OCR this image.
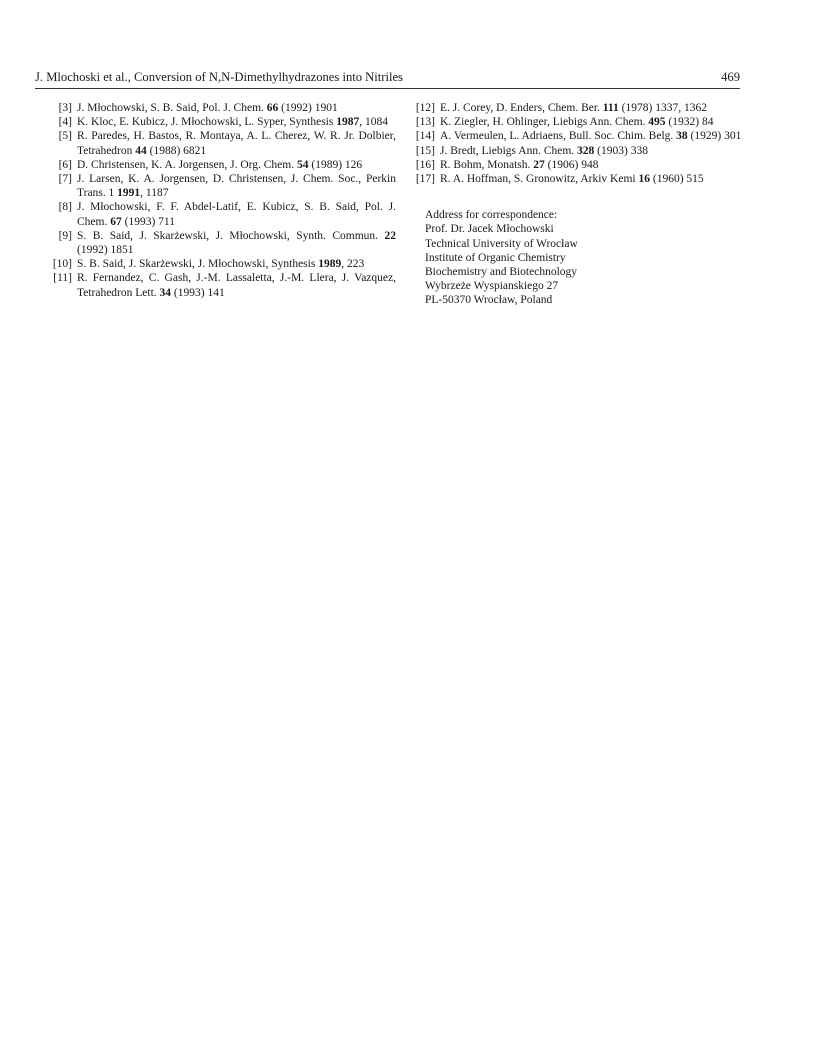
J. Mlochoski et al., Conversion of N,N-Dimethylhydrazones into Nitriles	469
[3] J. Młochowski, S. B. Said, Pol. J. Chem. 66 (1992) 1901
[4] K. Kloc, E. Kubicz, J. Młochowski, L. Syper, Synthesis 1987, 1084
[5] R. Paredes, H. Bastos, R. Montaya, A. L. Cherez, W. R. Jr. Dolbier, Tetrahedron 44 (1988) 6821
[6] D. Christensen, K. A. Jorgensen, J. Org. Chem. 54 (1989) 126
[7] J. Larsen, K. A. Jorgensen, D. Christensen, J. Chem. Soc., Perkin Trans. 1 1991, 1187
[8] J. Młochowski, F. F. Abdel-Latif, E. Kubicz, S. B. Said, Pol. J. Chem. 67 (1993) 711
[9] S. B. Said, J. Skarżewski, J. Młochowski, Synth. Commun. 22 (1992) 1851
[10] S. B. Said, J. Skarżewski, J. Młochowski, Synthesis 1989, 223
[11] R. Fernandez, C. Gash, J.-M. Lassaletta, J.-M. Llera, J. Vazquez, Tetrahedron Lett. 34 (1993) 141
[12] E. J. Corey, D. Enders, Chem. Ber. 111 (1978) 1337, 1362
[13] K. Ziegler, H. Ohlinger, Liebigs Ann. Chem. 495 (1932) 84
[14] A. Vermeulen, L. Adriaens, Bull. Soc. Chim. Belg. 38 (1929) 301
[15] J. Bredt, Liebigs Ann. Chem. 328 (1903) 338
[16] R. Bohm, Monatsh. 27 (1906) 948
[17] R. A. Hoffman, S. Gronowitz, Arkiv Kemi 16 (1960) 515
Address for correspondence:
Prof. Dr. Jacek Młochowski
Technical University of Wrocław
Institute of Organic Chemistry
Biochemistry and Biotechnology
Wybrzeże Wyspianskiego 27
PL-50370 Wrocław, Poland
